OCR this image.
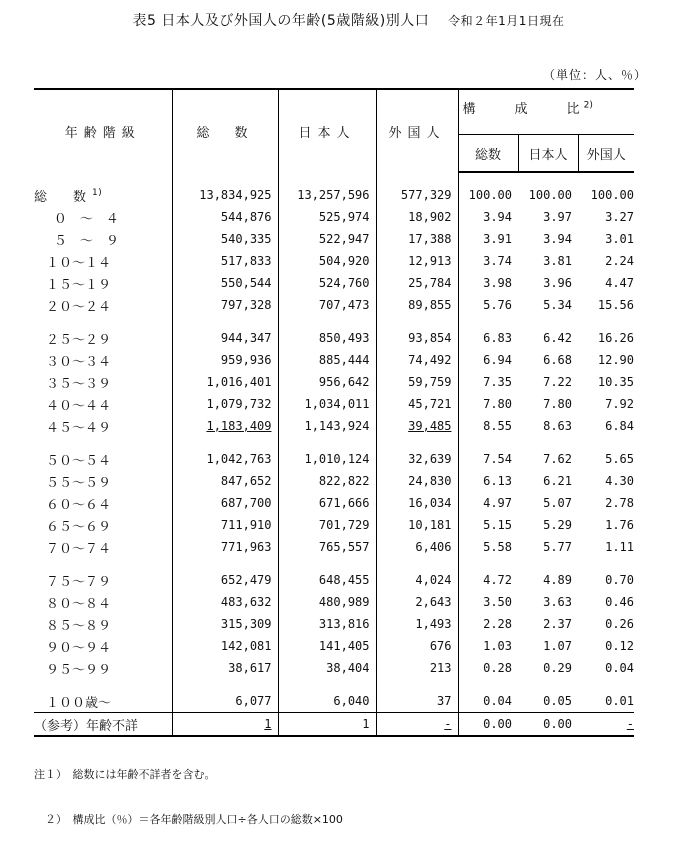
表5 日本人及び外国人の年齢(5歳階級)別人口 令和２年1月1日現在
（単位：人、％）
年齢階級	総　数	日本人	外国人	構　　　成　　　比 $^{2)}$
				総数	日本人	外国人

総　　数 $^{1)}$	13,834,925	13,257,596	577,329	100.00	100.00	100.00
０　～　４	544,876	525,974	18,902	3.94	3.97	3.27
５　～　９	540,335	522,947	17,388	3.91	3.94	3.01
１０～１４	517,833	504,920	12,913	3.74	3.81	2.24
１５～１９	550,544	524,760	25,784	3.98	3.96	4.47
２０～２４	797,328	707,473	89,855	5.76	5.34	15.56

２５～２９	944,347	850,493	93,854	6.83	6.42	16.26
３０～３４	959,936	885,444	74,492	6.94	6.68	12.90
３５～３９	1,016,401	956,642	59,759	7.35	7.22	10.35
４０～４４	1,079,732	1,034,011	45,721	7.80	7.80	7.92
４５～４９	1,183,409	1,143,924	39,485	8.55	8.63	6.84

５０～５４	1,042,763	1,010,124	32,639	7.54	7.62	5.65
５５～５９	847,652	822,822	24,830	6.13	6.21	4.30
６０～６４	687,700	671,666	16,034	4.97	5.07	2.78
６５～６９	711,910	701,729	10,181	5.15	5.29	1.76
７０～７４	771,963	765,557	6,406	5.58	5.77	1.11

７５～７９	652,479	648,455	4,024	4.72	4.89	0.70
８０～８４	483,632	480,989	2,643	3.50	3.63	0.46
８５～８９	315,309	313,816	1,493	2.28	2.37	0.26
９０～９４	142,081	141,405	676	1.03	1.07	0.12
９５～９９	38,617	38,404	213	0.28	0.29	0.04

１００歳～	6,077	6,040	37	0.04	0.05	0.01
（参考）年齢不詳	1	1	-	0.00	0.00	-

注１）　総数には年齢不詳者を含む。

　２）　構成比（％）＝各年齢階級別人口÷各人口の総数×100
